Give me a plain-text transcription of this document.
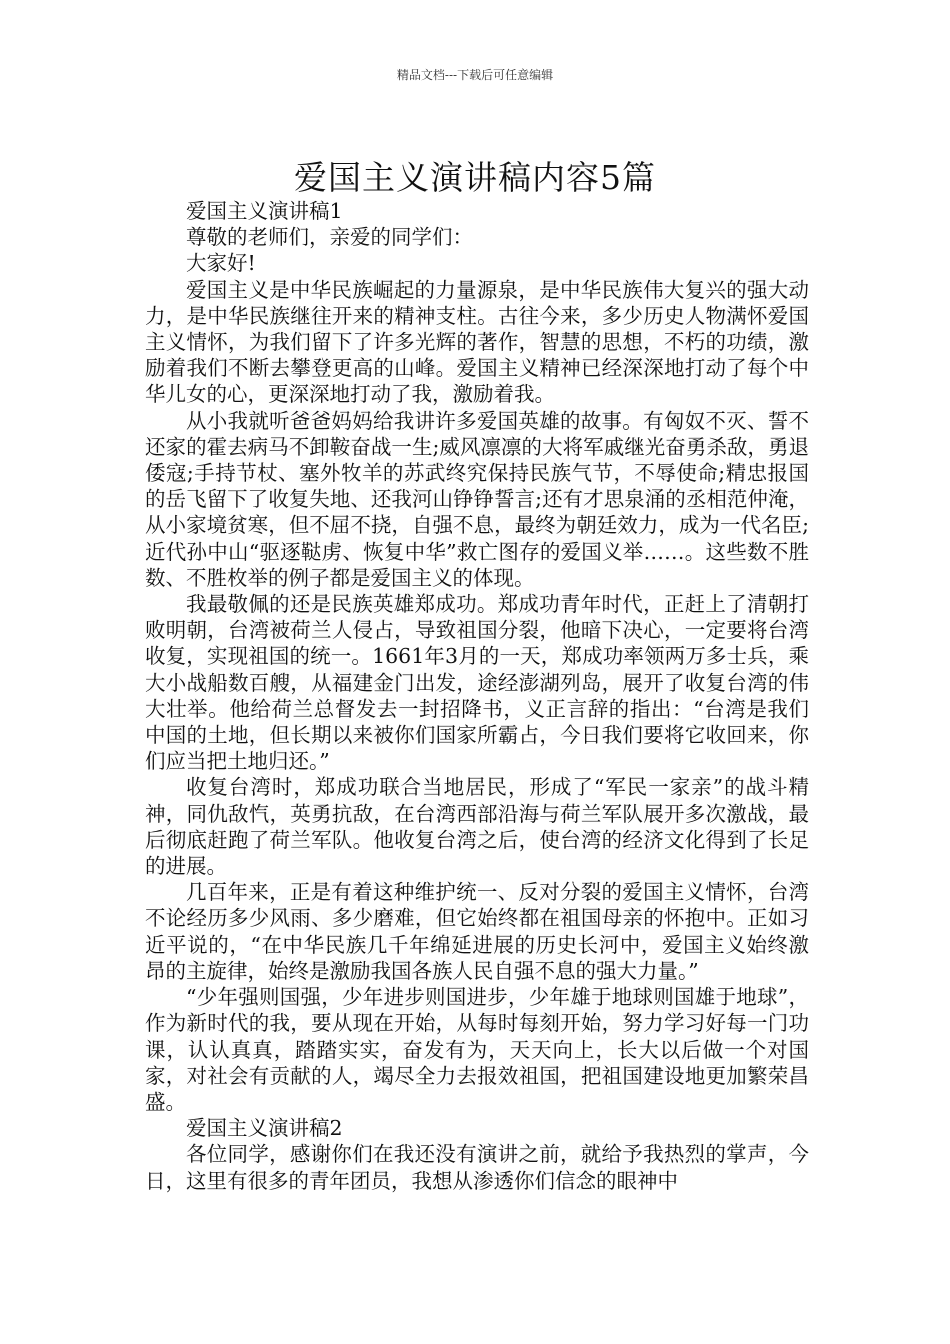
精品文档---下载后可任意编辑
爱国主义演讲稿内容5篇

爱国主义演讲稿1

尊敬的老师们，亲爱的同学们：

大家好!

爱国主义是中华民族崛起的力量源泉，是中华民族伟大复兴的强大动力，是中华民族继往开来的精神支柱。古往今来，多少历史人物满怀爱国主义情怀，为我们留下了许多光辉的著作，智慧的思想，不朽的功绩，激励着我们不断去攀登更高的山峰。爱国主义精神已经深深地打动了每个中华儿女的心，更深深地打动了我，激励着我。

从小我就听爸爸妈妈给我讲许多爱国英雄的故事。有匈奴不灭、誓不还家的霍去病马不卸鞍奋战一生;威风凛凛的大将军戚继光奋勇杀敌，勇退倭寇;手持节杖、塞外牧羊的苏武终究保持民族气节，不辱使命;精忠报国的岳飞留下了收复失地、还我河山铮铮誓言;还有才思泉涌的丞相范仲淹，从小家境贫寒，但不屈不挠，自强不息，最终为朝廷效力，成为一代名臣;近代孙中山“驱逐鞑虏、恢复中华”救亡图存的爱国义举……。这些数不胜数、不胜枚举的例子都是爱国主义的体现。

我最敬佩的还是民族英雄郑成功。郑成功青年时代，正赶上了清朝打败明朝，台湾被荷兰人侵占，导致祖国分裂，他暗下决心，一定要将台湾收复，实现祖国的统一。1661年3月的一天，郑成功率领两万多士兵，乘大小战船数百艘，从福建金门出发，途经澎湖列岛，展开了收复台湾的伟大壮举。他给荷兰总督发去一封招降书，义正言辞的指出：“台湾是我们中国的土地，但长期以来被你们国家所霸占，今日我们要将它收回来，你们应当把土地归还。”

收复台湾时，郑成功联合当地居民，形成了“军民一家亲”的战斗精神，同仇敌忾，英勇抗敌，在台湾西部沿海与荷兰军队展开多次激战，最后彻底赶跑了荷兰军队。他收复台湾之后，使台湾的经济文化得到了长足的进展。

几百年来，正是有着这种维护统一、反对分裂的爱国主义情怀，台湾不论经历多少风雨、多少磨难，但它始终都在祖国母亲的怀抱中。正如习近平说的，“在中华民族几千年绵延进展的历史长河中，爱国主义始终激昂的主旋律，始终是激励我国各族人民自强不息的强大力量。”

“少年强则国强，少年进步则国进步，少年雄于地球则国雄于地球”，作为新时代的我，要从现在开始，从每时每刻开始，努力学习好每一门功课，认认真真，踏踏实实，奋发有为，天天向上，长大以后做一个对国家，对社会有贡献的人，竭尽全力去报效祖国，把祖国建设地更加繁荣昌盛。

爱国主义演讲稿2

各位同学，感谢你们在我还没有演讲之前，就给予我热烈的掌声，今日，这里有很多的青年团员，我想从渗透你们信念的眼神中
